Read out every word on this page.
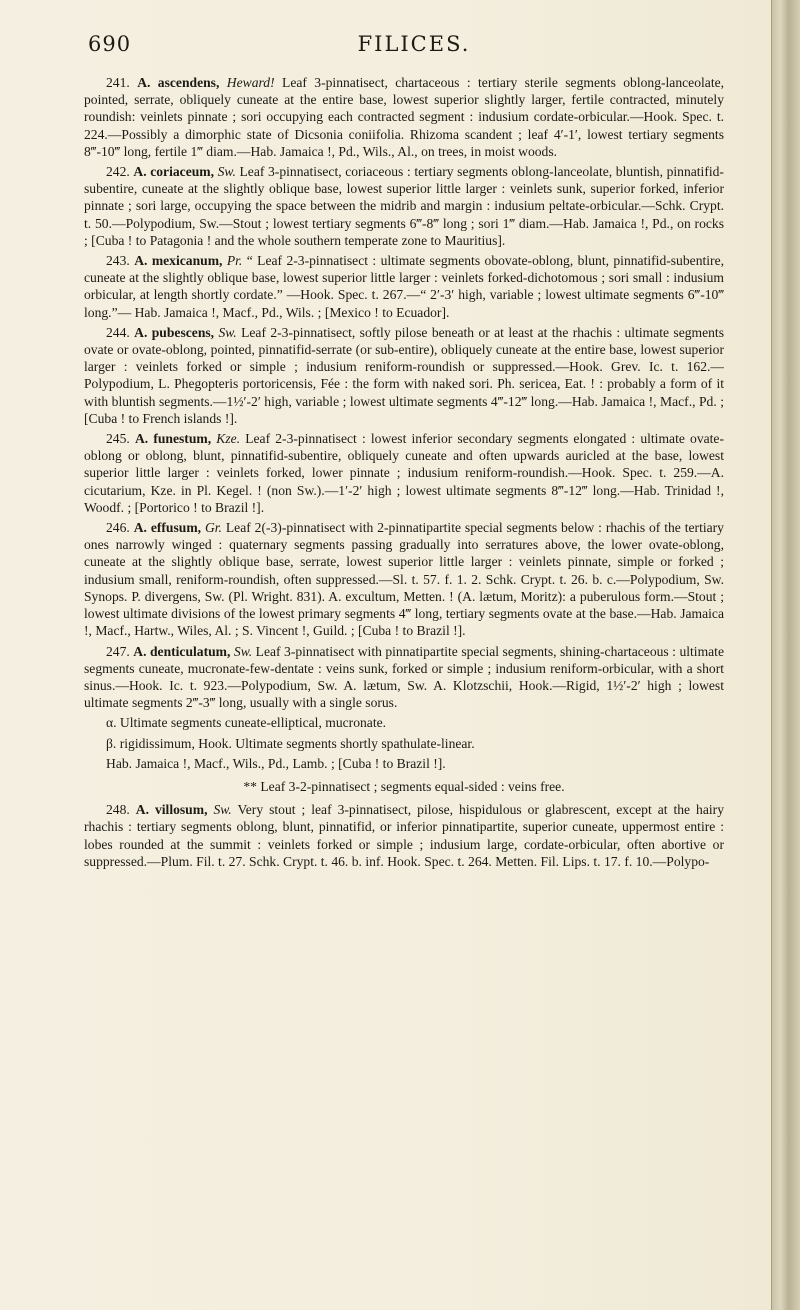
690	FILICES.

241. A. ascendens, Heward! Leaf 3-pinnatisect, chartaceous : tertiary sterile segments oblong-lanceolate, pointed, serrate, obliquely cuneate at the entire base, lowest superior slightly larger, fertile contracted, minutely roundish: veinlets pinnate ; sori occupying each contracted segment : indusium cordate-orbicular.—Hook. Spec. t. 224.—Possibly a dimorphic state of Dicsonia coniifolia. Rhizoma scandent ; leaf 4′-1′, lowest tertiary segments 8‴-10‴ long, fertile 1‴ diam.—Hab. Jamaica !, Pd., Wils., Al., on trees, in moist woods.

242. A. coriaceum, Sw. Leaf 3-pinnatisect, coriaceous : tertiary segments oblong-lanceolate, bluntish, pinnatifid-subentire, cuneate at the slightly oblique base, lowest superior little larger : veinlets sunk, superior forked, inferior pinnate ; sori large, occupying the space between the midrib and margin : indusium peltate-orbicular.—Schk. Crypt. t. 50.—Polypodium, Sw.—Stout ; lowest tertiary segments 6‴-8‴ long ; sori 1‴ diam.—Hab. Jamaica !, Pd., on rocks ; [Cuba ! to Patagonia ! and the whole southern temperate zone to Mauritius].

243. A. mexicanum, Pr. “ Leaf 2-3-pinnatisect : ultimate segments obovate-oblong, blunt, pinnatifid-subentire, cuneate at the slightly oblique base, lowest superior little larger : veinlets forked-dichotomous ; sori small : indusium orbicular, at length shortly cordate.” —Hook. Spec. t. 267.—“ 2′-3′ high, variable ; lowest ultimate segments 6‴-10‴ long.”— Hab. Jamaica !, Macf., Pd., Wils. ; [Mexico ! to Ecuador].

244. A. pubescens, Sw. Leaf 2-3-pinnatisect, softly pilose beneath or at least at the rhachis : ultimate segments ovate or ovate-oblong, pointed, pinnatifid-serrate (or sub-entire), obliquely cuneate at the entire base, lowest superior larger : veinlets forked or simple ; indusium reniform-roundish or suppressed.—Hook. Grev. Ic. t. 162.—Polypodium, L. Phegopteris portoricensis, Fée : the form with naked sori. Ph. sericea, Eat. ! : probably a form of it with bluntish segments.—1½′-2′ high, variable ; lowest ultimate segments 4‴-12‴ long.—Hab. Jamaica !, Macf., Pd. ; [Cuba ! to French islands !].

245. A. funestum, Kze. Leaf 2-3-pinnatisect : lowest inferior secondary segments elongated : ultimate ovate-oblong or oblong, blunt, pinnatifid-subentire, obliquely cuneate and often upwards auricled at the base, lowest superior little larger : veinlets forked, lower pinnate ; indusium reniform-roundish.—Hook. Spec. t. 259.—A. cicutarium, Kze. in Pl. Kegel. ! (non Sw.).—1′-2′ high ; lowest ultimate segments 8‴-12‴ long.—Hab. Trinidad !, Woodf. ; [Portorico ! to Brazil !].

246. A. effusum, Gr. Leaf 2(-3)-pinnatisect with 2-pinnatipartite special segments below : rhachis of the tertiary ones narrowly winged : quaternary segments passing gradually into serratures above, the lower ovate-oblong, cuneate at the slightly oblique base, serrate, lowest superior little larger : veinlets pinnate, simple or forked ; indusium small, reniform-roundish, often suppressed.—Sl. t. 57. f. 1. 2. Schk. Crypt. t. 26. b. c.—Polypodium, Sw. Synops. P. divergens, Sw. (Pl. Wright. 831). A. excultum, Metten. ! (A. lætum, Moritz): a puberulous form.—Stout ; lowest ultimate divisions of the lowest primary segments 4‴ long, tertiary segments ovate at the base.—Hab. Jamaica !, Macf., Hartw., Wiles, Al. ; S. Vincent !, Guild. ; [Cuba ! to Brazil !].

247. A. denticulatum, Sw. Leaf 3-pinnatisect with pinnatipartite special segments, shining-chartaceous : ultimate segments cuneate, mucronate-few-dentate : veins sunk, forked or simple ; indusium reniform-orbicular, with a short sinus.—Hook. Ic. t. 923.—Polypodium, Sw. A. lætum, Sw. A. Klotzschii, Hook.—Rigid, 1½′-2′ high ; lowest ultimate segments 2‴-3‴ long, usually with a single sorus.

α. Ultimate segments cuneate-elliptical, mucronate.

β. rigidissimum, Hook. Ultimate segments shortly spathulate-linear.

Hab. Jamaica !, Macf., Wils., Pd., Lamb. ; [Cuba ! to Brazil !].

** Leaf 3-2-pinnatisect ; segments equal-sided : veins free.

248. A. villosum, Sw. Very stout ; leaf 3-pinnatisect, pilose, hispidulous or glabrescent, except at the hairy rhachis : tertiary segments oblong, blunt, pinnatifid, or inferior pinnatipartite, superior cuneate, uppermost entire : lobes rounded at the summit : veinlets forked or simple ; indusium large, cordate-orbicular, often abortive or suppressed.—Plum. Fil. t. 27. Schk. Crypt. t. 46. b. inf. Hook. Spec. t. 264. Metten. Fil. Lips. t. 17. f. 10.—Polypo-
